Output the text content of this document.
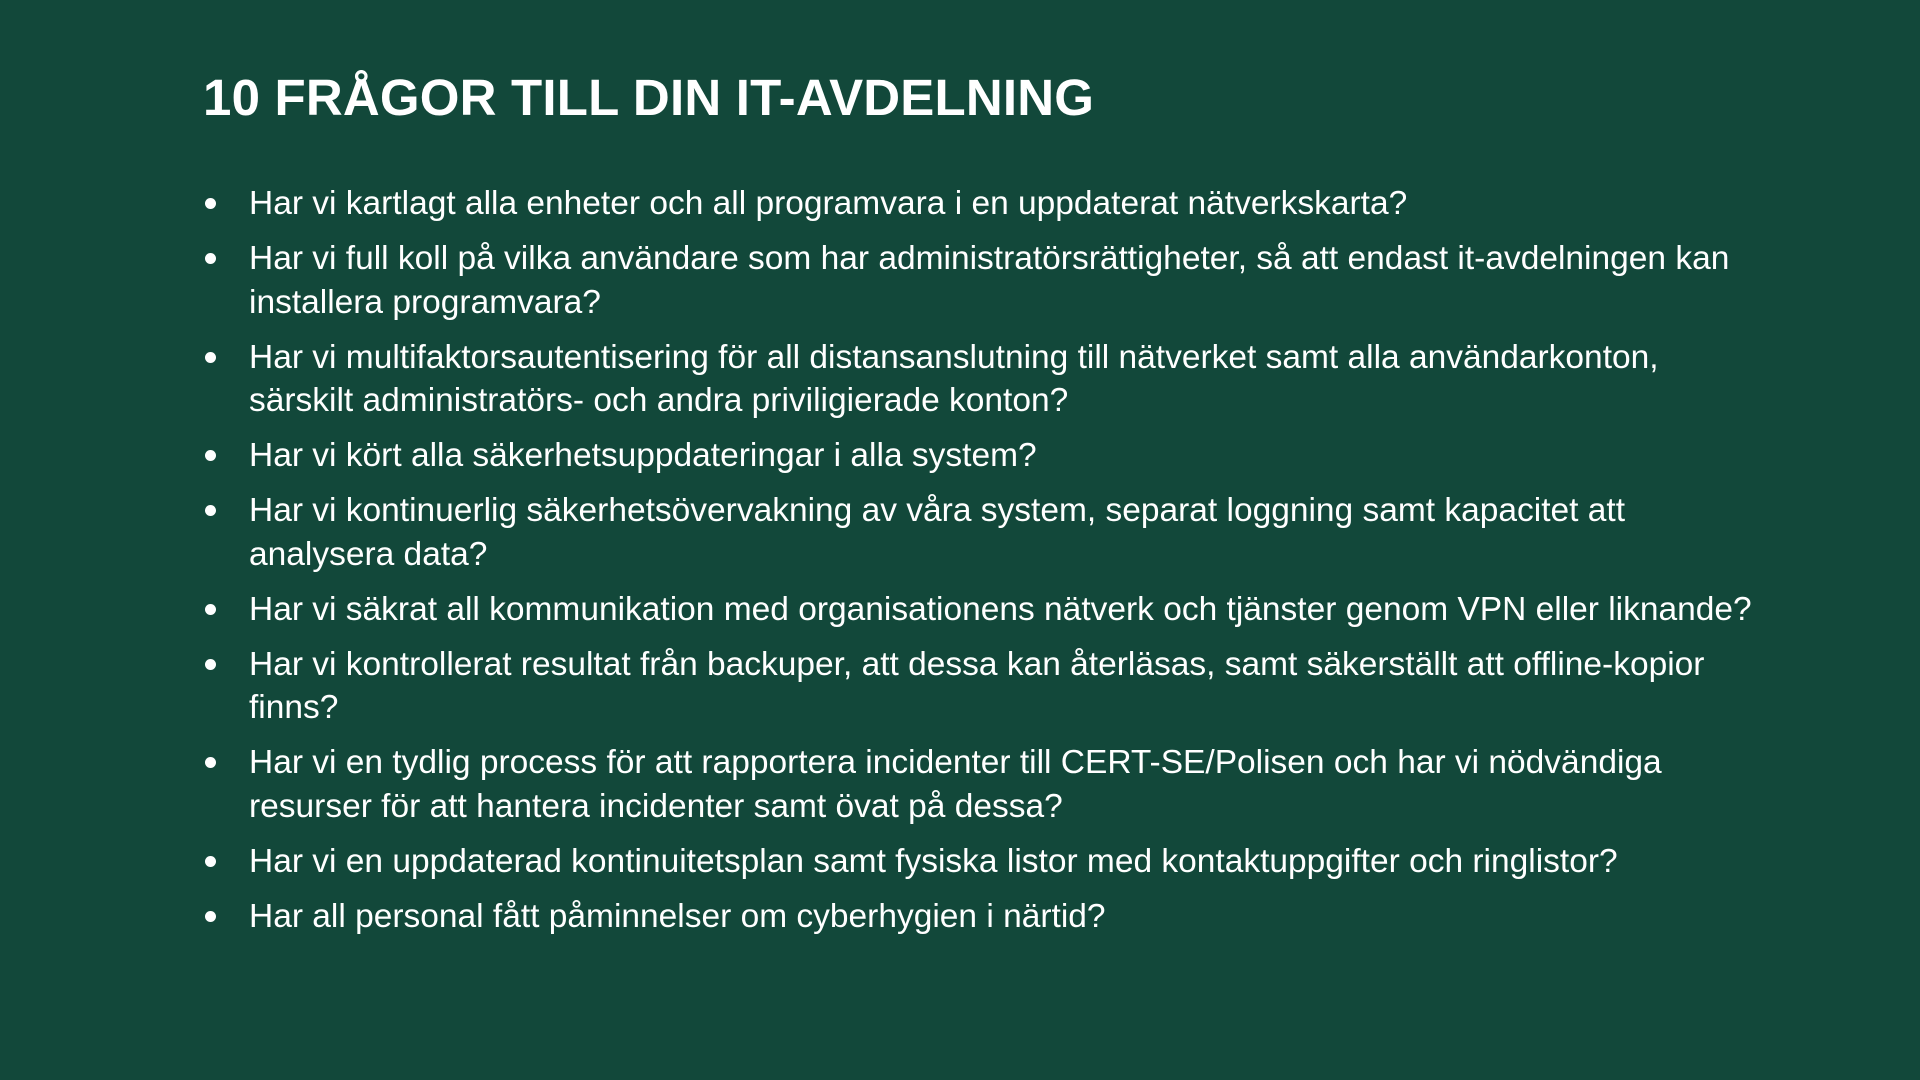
10 FRÅGOR TILL DIN IT-AVDELNING
Har vi kartlagt alla enheter och all programvara i en uppdaterat nätverkskarta?
Har vi full koll på vilka användare som har administratörsrättigheter, så att endast it-avdelningen kan installera programvara?
Har vi multifaktorsautentisering för all distansanslutning till nätverket samt alla användarkonton, särskilt administratörs- och andra priviligierade konton?
Har vi kört alla säkerhetsuppdateringar i alla system?
Har vi kontinuerlig säkerhetsövervakning av våra system, separat loggning samt kapacitet att analysera data?
Har vi säkrat all kommunikation med organisationens nätverk och tjänster genom VPN eller liknande?
Har vi kontrollerat resultat från backuper, att dessa kan återläsas, samt säkerställt att offline-kopior finns?
Har vi en tydlig process för att rapportera incidenter till CERT-SE/Polisen och har vi nödvändiga resurser för att hantera incidenter samt övat på dessa?
Har vi en uppdaterad kontinuitetsplan samt fysiska listor med kontaktuppgifter och ringlistor?
Har all personal fått påminnelser om cyberhygien i närtid?
